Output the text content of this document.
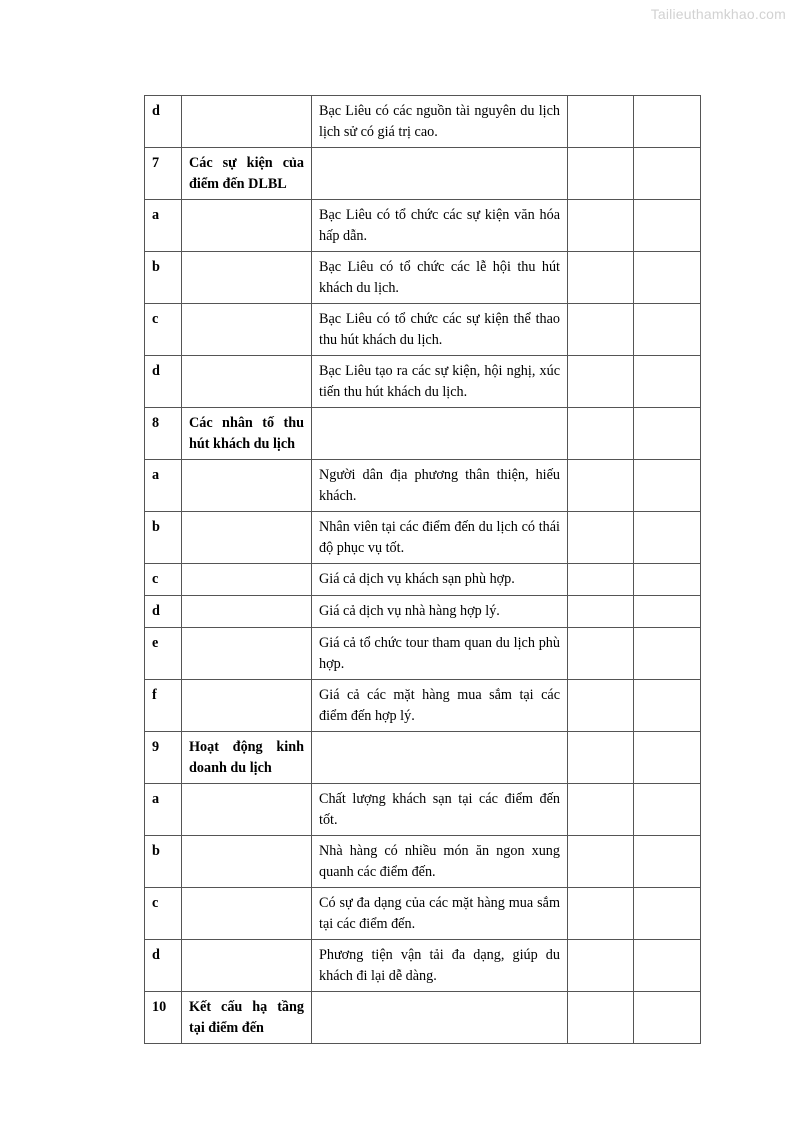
Tailieuthamkhao.com
d		Bạc Liêu có các nguồn tài nguyên du lịch lịch sử có giá trị cao.		
7	Các sự kiện của điểm đến DLBL			
a		Bạc Liêu có tổ chức các sự kiện văn hóa hấp dẫn.		
b		Bạc Liêu có tổ chức các lễ hội thu hút khách du lịch.		
c		Bạc Liêu có tổ chức các sự kiện thể thao thu hút khách du lịch.		
d		Bạc Liêu tạo ra các sự kiện, hội nghị, xúc tiến thu hút khách du lịch.		
8	Các nhân tố thu hút khách du lịch			
a		Người dân địa phương thân thiện, hiếu khách.		
b		Nhân viên tại các điểm đến du lịch có thái độ phục vụ tốt.		
c		Giá cả dịch vụ khách sạn phù hợp.		
d		Giá cả dịch vụ nhà hàng hợp lý.		
e		Giá cả tổ chức tour tham quan du lịch phù hợp.		
f		Giá cả các mặt hàng mua sắm tại các điểm đến hợp lý.		
9	Hoạt động kinh doanh du lịch			
a		Chất lượng khách sạn tại các điểm đến tốt.		
b		Nhà hàng có nhiều món ăn ngon xung quanh các điểm đến.		
c		Có sự đa dạng của các mặt hàng mua sắm tại các điểm đến.		
d		Phương tiện vận tải đa dạng, giúp du khách đi lại dễ dàng.		
10	Kết cấu hạ tầng tại điểm đến			
